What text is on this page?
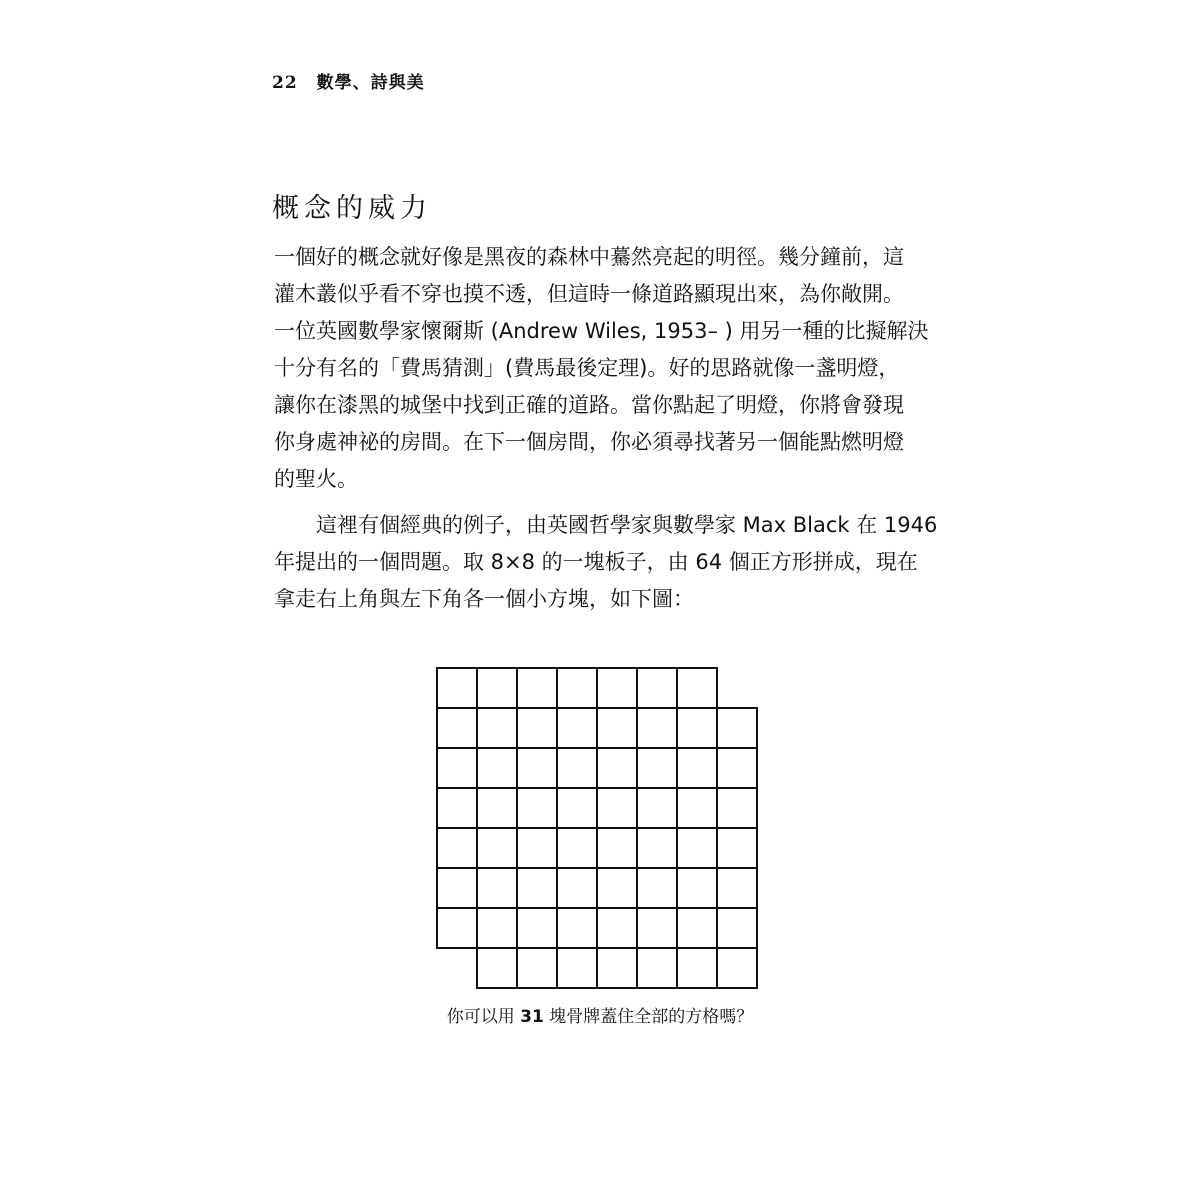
22 數學、詩與美
概念的威力

一個好的概念就好像是黑夜的森林中驀然亮起的明徑。幾分鐘前，這
灌木叢似乎看不穿也摸不透，但這時一條道路顯現出來，為你敞開。
一位英國數學家懷爾斯 (Andrew Wiles, 1953– ) 用另一種的比擬解決
十分有名的「費馬猜測」(費馬最後定理)。好的思路就像一盞明燈，
讓你在漆黑的城堡中找到正確的道路。當你點起了明燈，你將會發現
你身處神祕的房間。在下一個房間，你必須尋找著另一個能點燃明燈
的聖火。

這裡有個經典的例子，由英國哲學家與數學家 Max Black 在 1946
年提出的一個問題。取 8×8 的一塊板子，由 64 個正方形拼成，現在
拿走右上角與左下角各一個小方塊，如下圖：

你可以用 31 塊骨牌蓋住全部的方格嗎？
